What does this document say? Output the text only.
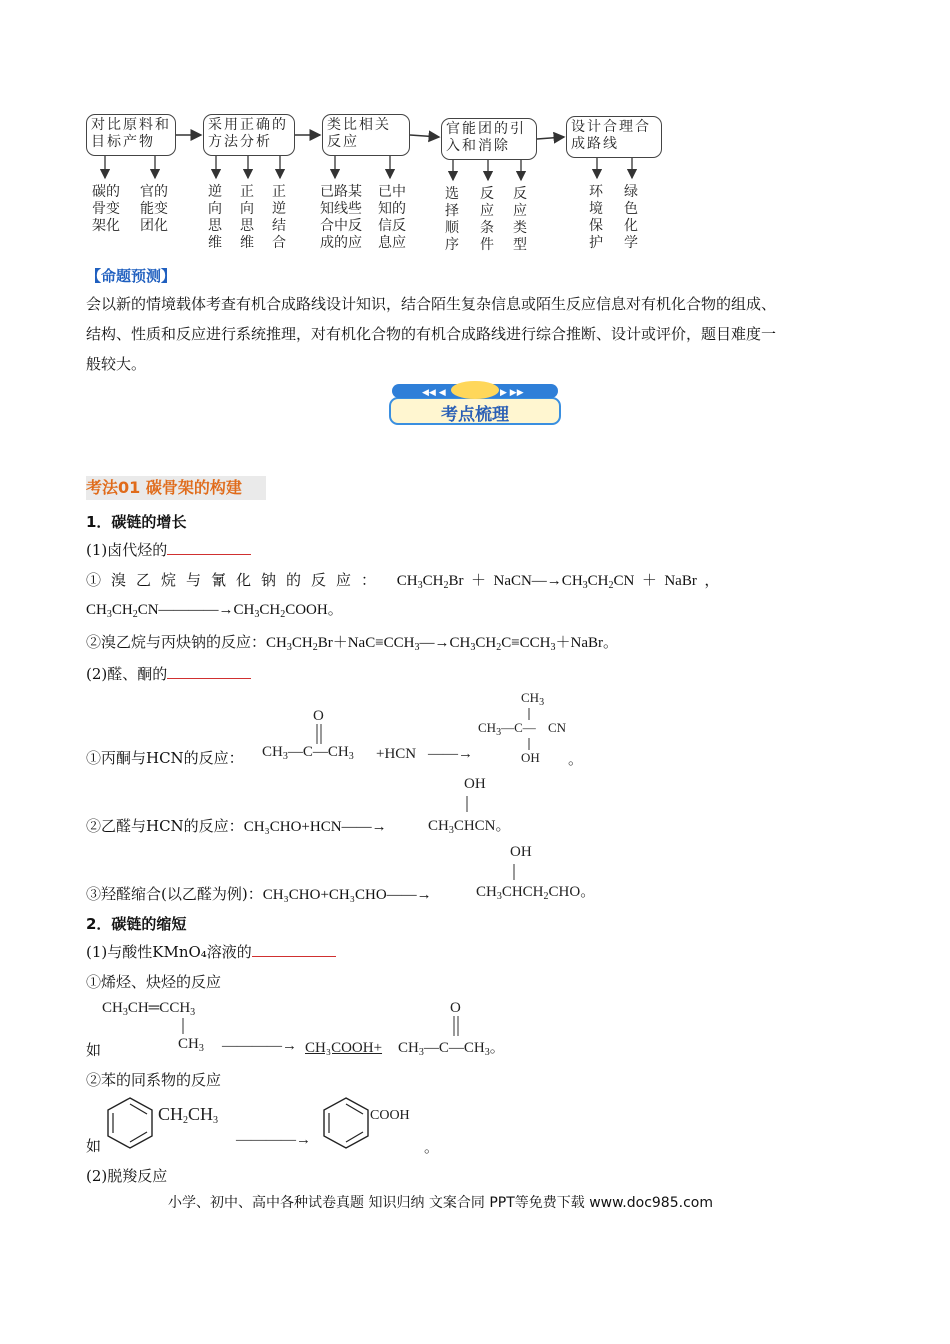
对比原料和
目标产物
采用正确的
方法分析
类比相关
反应
官能团的引
入和消除
设计合理合
成路线
碳的
骨变
架化
官的
能变
团化
逆
向
思
维
正
向
思
维
正
逆
结
合
已路某
知线些
合中反
成的应
已中
知的
信反
息应
选
择
顺
序
反
应
条
件
反
应
类
型
环
境
保
护
绿
色
化
学
【命题预测】
会以新的情境载体考查有机合成路线设计知识，结合陌生复杂信息或陌生反应信息对有机化合物的组成、
结构、性质和反应进行系统推理，对有机化合物的有机合成路线进行综合推断、设计或评价，题目难度一
般较大。
◀◀ ◀	▶ ▶▶
考点梳理
考法01 碳骨架的构建
1．碳链的增长
(1)卤代烃的
①溴乙烷与氰化钠的反应： $CH_3CH_2Br$  ＋  $NaCN―\to CH_3CH_2CN$  ＋  NaBr  ，
$CH_3CH_2CN――――\to CH_3CH_2COOH$。
②溴乙烷与丙炔钠的反应：$CH_3CH_2Br+NaC\equiv CCH_3―\to CH_3CH_2C\equiv CCH_3+NaBr$。
(2)醛、酮的
①丙酮与HCN的反应： $CH_3—C—CH_3$
O
+HCN ――→
$CH_3$
$CH_3—C—$ CN
OH 。
②乙醛与HCN的反应：CH₃CHO+HCN――→
OH
$CH_3CHCN$。
③羟醛缩合(以乙醛为例)：CH₃CHO+CH₃CHO――→
OH
$CH_3CHCH_2CHO$。
2．碳链的缩短
(1)与酸性KMnO₄溶液的
①烯烃、炔烃的反应
$CH_3CH═CCH_3$
$CH_3$
如	――――→ CH₃COOH+ $CH_3—C—CH_3$。
O
②苯的同系物的反应
如
$CH_2CH_3$
――――→
COOH
。
(2)脱羧反应
小学、初中、高中各种试卷真题 知识归纳 文案合同 PPT等免费下载 www.doc985.com
